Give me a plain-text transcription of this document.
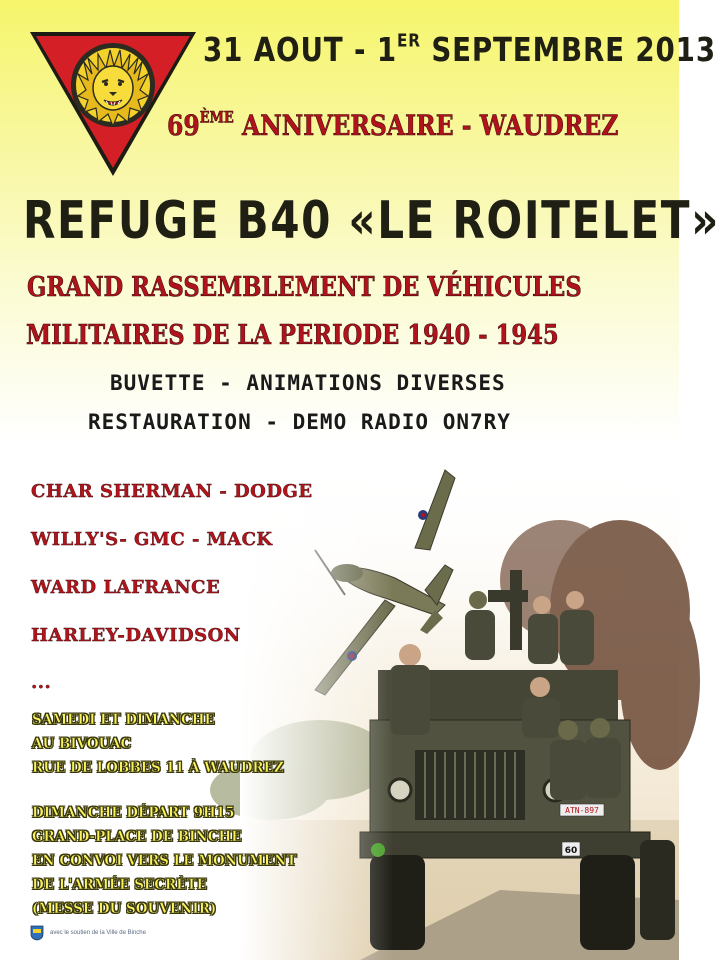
31 AOUT - 1ER SEPTEMBRE 2013

69ÈME ANNIVERSAIRE - WAUDREZ

REFUGE B40 «LE ROITELET»

GRAND RASSEMBLEMENT DE VÉHICULES

MILITAIRES DE LA PERIODE 1940 - 1945

BUVETTE - ANIMATIONS DIVERSES

RESTAURATION - DEMO RADIO ON7RY

CHAR SHERMAN - DODGE

WILLY'S- GMC - MACK

WARD LAFRANCE

HARLEY-DAVIDSON

...

SAMEDI ET DIMANCHE

AU BIVOUAC

RUE DE LOBBES 11 À WAUDREZ

DIMANCHE DÉPART 9H15

GRAND-PLACE DE BINCHE

EN CONVOI VERS LE MONUMENT

DE L'ARMÉE SECRÈTE

(MESSE DU SOUVENIR)

avec le soutien de la Ville de Binche
